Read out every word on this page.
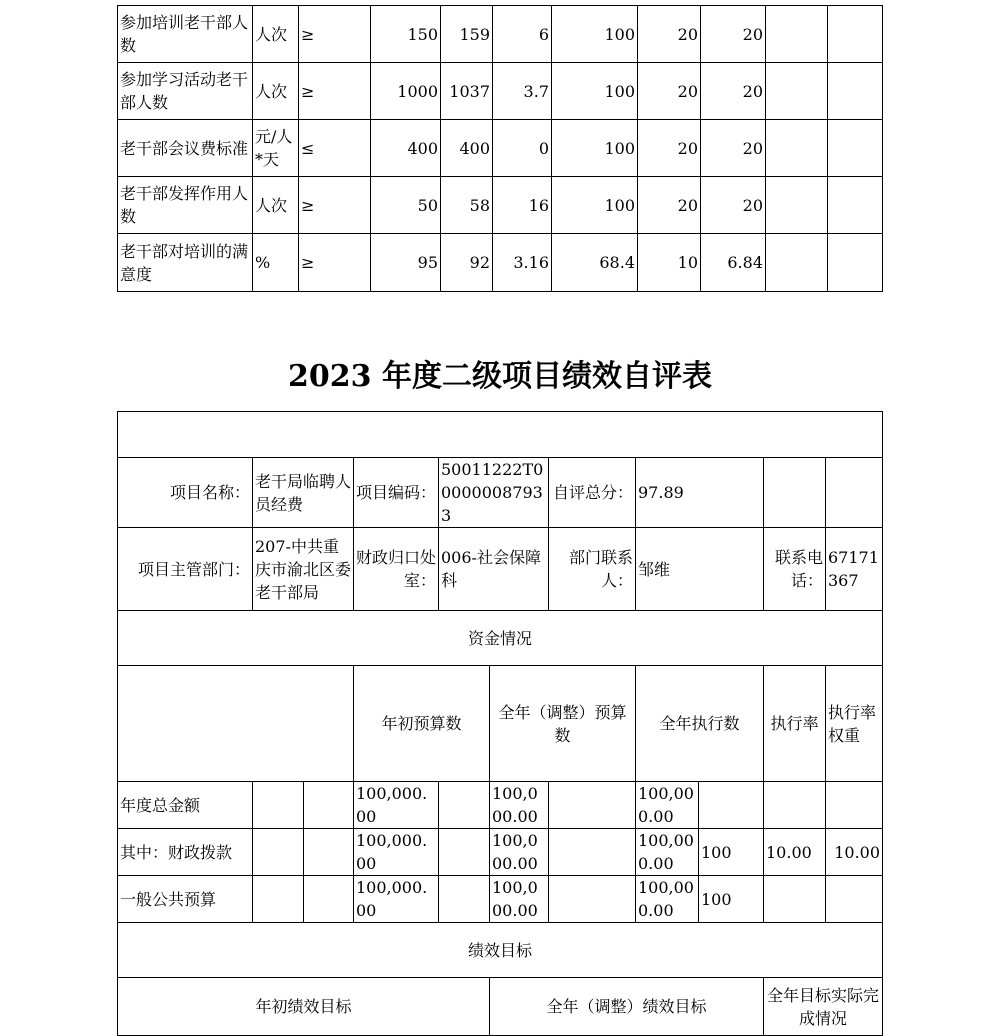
参加培训老干部人数	人次	≥	150	159	6	100	20	20		
参加学习活动老干部人数	人次	≥	1000	1037	3.7	100	20	20		
老干部会议费标准	元/人*天	≤	400	400	0	100	20	20		
老干部发挥作用人数	人次	≥	50	58	16	100	20	20		
老干部对培训的满意度	%	≥	95	92	3.16	68.4	10	6.84		
2023 年度二级项目绩效自评表

项目名称：	老干局临聘人员经费		项目编码：	50011222T000000087933		自评总分：	97.89				
项目主管部门：	207-中共重庆市渝北区委老干部局		财政归口处室：	006-社会保障科		部门联系人：	邹维		联系电话：	67171367	
资金情况											
			年初预算数		全年（调整）预算数		全年执行数		执行率	执行率权重	
年度总金额			100,000.00		100,000.00		100,000.00				
其中：财政拨款			100,000.00		100,000.00		100,000.00	100	10.00	10.00	
一般公共预算			100,000.00		100,000.00		100,000.00	100			
绩效目标											
年初绩效目标					全年（调整）绩效目标				全年目标实际完成情况		
